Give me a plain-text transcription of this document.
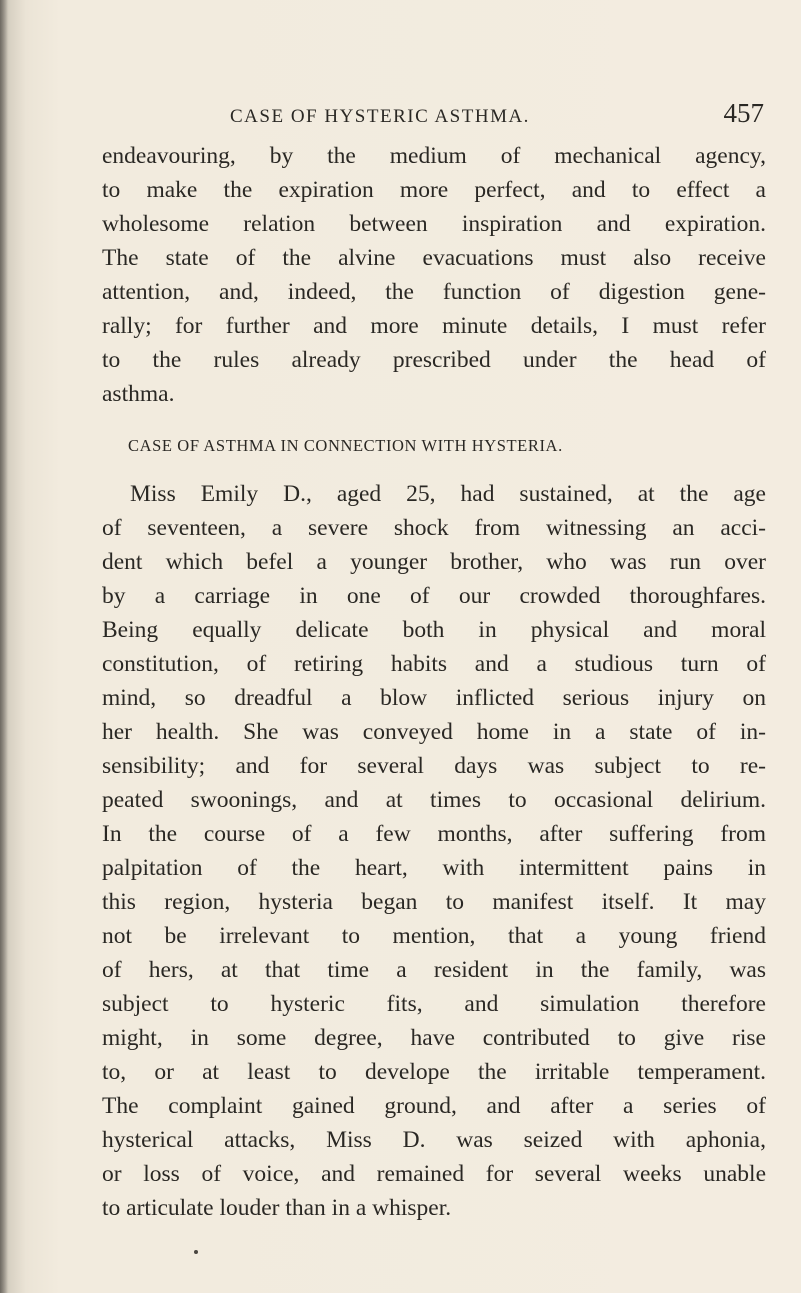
CASE OF HYSTERIC ASTHMA.	457
endeavouring, by the medium of mechanical agency,
to make the expiration more perfect, and to effect a
wholesome relation between inspiration and expiration.
The state of the alvine evacuations must also receive
attention, and, indeed, the function of digestion gene-
rally; for further and more minute details, I must refer
to the rules already prescribed under the head of
asthma.
CASE OF ASTHMA IN CONNECTION WITH HYSTERIA.
Miss Emily D., aged 25, had sustained, at the age
of seventeen, a severe shock from witnessing an acci-
dent which befel a younger brother, who was run over
by a carriage in one of our crowded thoroughfares.
Being equally delicate both in physical and moral
constitution, of retiring habits and a studious turn of
mind, so dreadful a blow inflicted serious injury on
her health. She was conveyed home in a state of in-
sensibility; and for several days was subject to re-
peated swoonings, and at times to occasional delirium.
In the course of a few months, after suffering from
palpitation of the heart, with intermittent pains in
this region, hysteria began to manifest itself. It may
not be irrelevant to mention, that a young friend
of hers, at that time a resident in the family, was
subject to hysteric fits, and simulation therefore
might, in some degree, have contributed to give rise
to, or at least to develope the irritable temperament.
The complaint gained ground, and after a series of
hysterical attacks, Miss D. was seized with aphonia,
or loss of voice, and remained for several weeks unable
to articulate louder than in a whisper.
